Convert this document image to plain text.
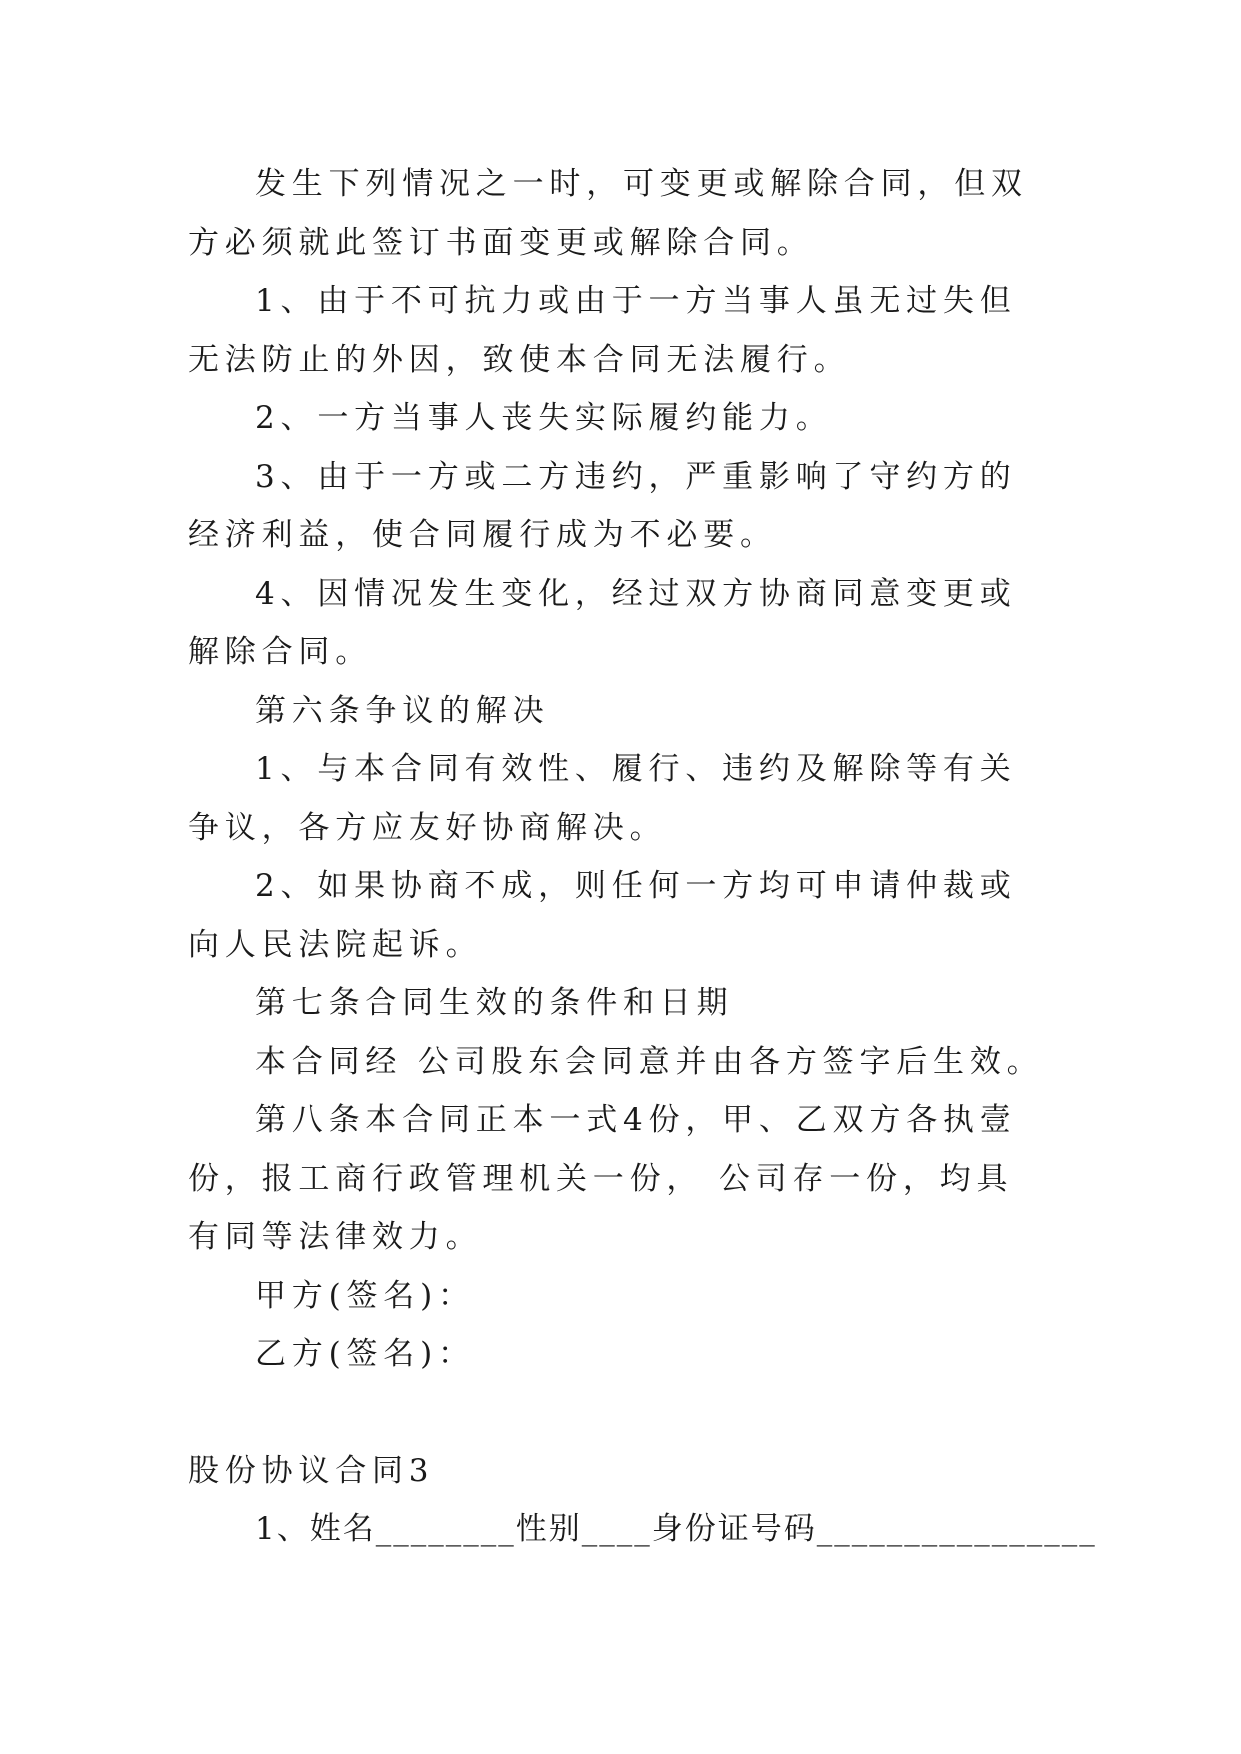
发生下列情况之一时，可变更或解除合同，但双方必须就此签订书面变更或解除合同。

1、由于不可抗力或由于一方当事人虽无过失但无法防止的外因，致使本合同无法履行。

2、一方当事人丧失实际履约能力。

3、由于一方或二方违约，严重影响了守约方的经济利益，使合同履行成为不必要。

4、因情况发生变化，经过双方协商同意变更或解除合同。

第六条争议的解决

1、与本合同有效性、履行、违约及解除等有关争议，各方应友好协商解决。

2、如果协商不成，则任何一方均可申请仲裁或向人民法院起诉。

第七条合同生效的条件和日期

本合同经 公司股东会同意并由各方签字后生效。

第八条本合同正本一式4份，甲、乙双方各执壹份，报工商行政管理机关一份， 公司存一份，均具有同等法律效力。

甲方(签名)：

乙方(签名)：

股份协议合同3

1、姓名________性别____身份证号码________________
